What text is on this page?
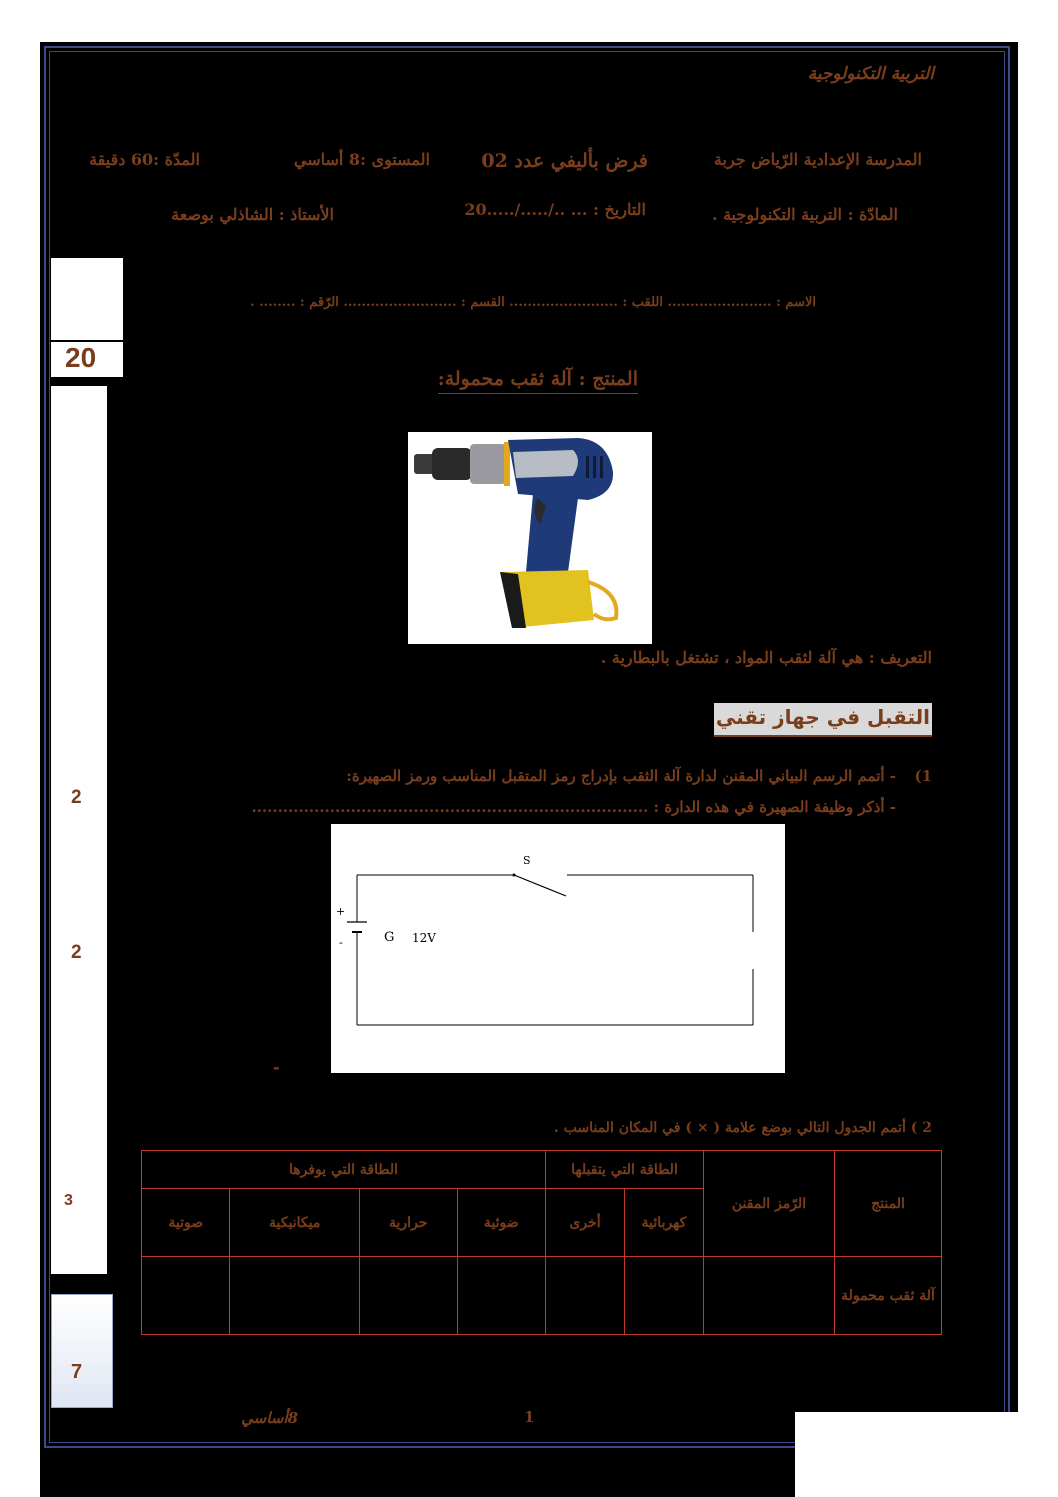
التربية التكنولوجية
المدرسة الإعدادية الرّياض جربة
فرض بأليفي عدد 02
المستوى :8 أساسي
المدّة :60 دقيقة
المادّة : التربية التكنولوجية .
التاريخ : ... ../...../.....20
الأستاذ : الشاذلي بوصعة
الاسم : ....................... اللقب : ........................ القسم : ......................... الرّقم : ........ .
20
2
2
3
7
المنتج : آلة ثقب محمولة:
التعريف : هي آلة لثقب المواد ، تشتغل بالبطارية .
التقبل في جهاز تقني
1)
- أتمم الرسم البياني المقنن لدارة آلة الثقب بإدراج رمز المتقبل المناسب ورمز الصهيرة:
- أذكر وظيفة الصهيرة في هذه الدارة : ............................................................................
S
+
-	G 12V
-
2 ) أتمم الجدول التالي بوضع علامة ( × ) في المكان المناسب .
المنتج	الرّمز المقنن	الطاقة التي يتقبلها		الطاقة التي يوفرها			
		كهربائية	أخرى	ضوئية	حرارية	ميكانيكية	صوتية
آلة ثقب محمولة							
8أساسي	1
